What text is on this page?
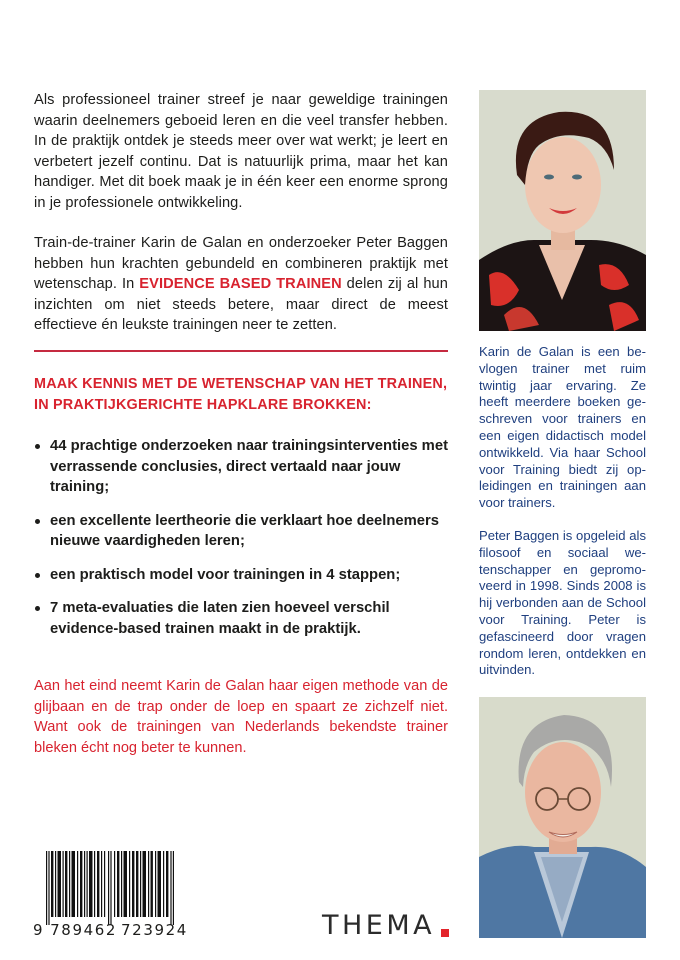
Als professioneel trainer streef je naar geweldige trainingen waarin deelnemers geboeid leren en die veel transfer hebben. In de praktijk ontdek je steeds meer over wat werkt; je leert en verbetert jezelf continu. Dat is natuurlijk prima, maar het kan handiger. Met dit boek maak je in één keer een enorme sprong in je professionele ontwikkeling.

Train-de-trainer Karin de Galan en onderzoeker Peter Baggen hebben hun krachten gebundeld en combineren praktijk met wetenschap. In EVIDENCE BASED TRAINEN delen zij al hun inzichten om niet steeds betere, maar direct de meest effectieve én leukste trainingen neer te zetten.

MAAK KENNIS MET DE WETENSCHAP VAN HET TRAINEN, IN PRAKTIJKGERICHTE HAPKLARE BROKKEN:
44 prachtige onderzoeken naar trainingsinterventies met verrassende conclusies, direct vertaald naar jouw training;
een excellente leertheorie die verklaart hoe deelnemers nieuwe vaardigheden leren;
een praktisch model voor trainingen in 4 stappen;
7 meta-evaluaties die laten zien hoeveel verschil evidence-based trainen maakt in de praktijk.

Aan het eind neemt Karin de Galan haar eigen methode van de glijbaan en de trap onder de loep en spaart ze zichzelf niet. Want ook de trainingen van Nederlands bekendste trainer bleken écht nog beter te kunnen.

Karin de Galan is een bevlogen trainer met ruim twintig jaar ervaring. Ze heeft meerdere boeken geschreven voor trainers en een eigen didactisch model ontwikkeld. Via haar School voor Training biedt zij opleidingen en trainingen aan voor trainers.

Peter Baggen is opgeleid als filosoof en sociaal wetenschapper en gepromoveerd in 1998. Sinds 2008 is hij verbonden aan de School voor Training. Peter is gefascineerd door vragen rondom leren, ontdekken en uitvinden.

9 789462 723924	THEMA
